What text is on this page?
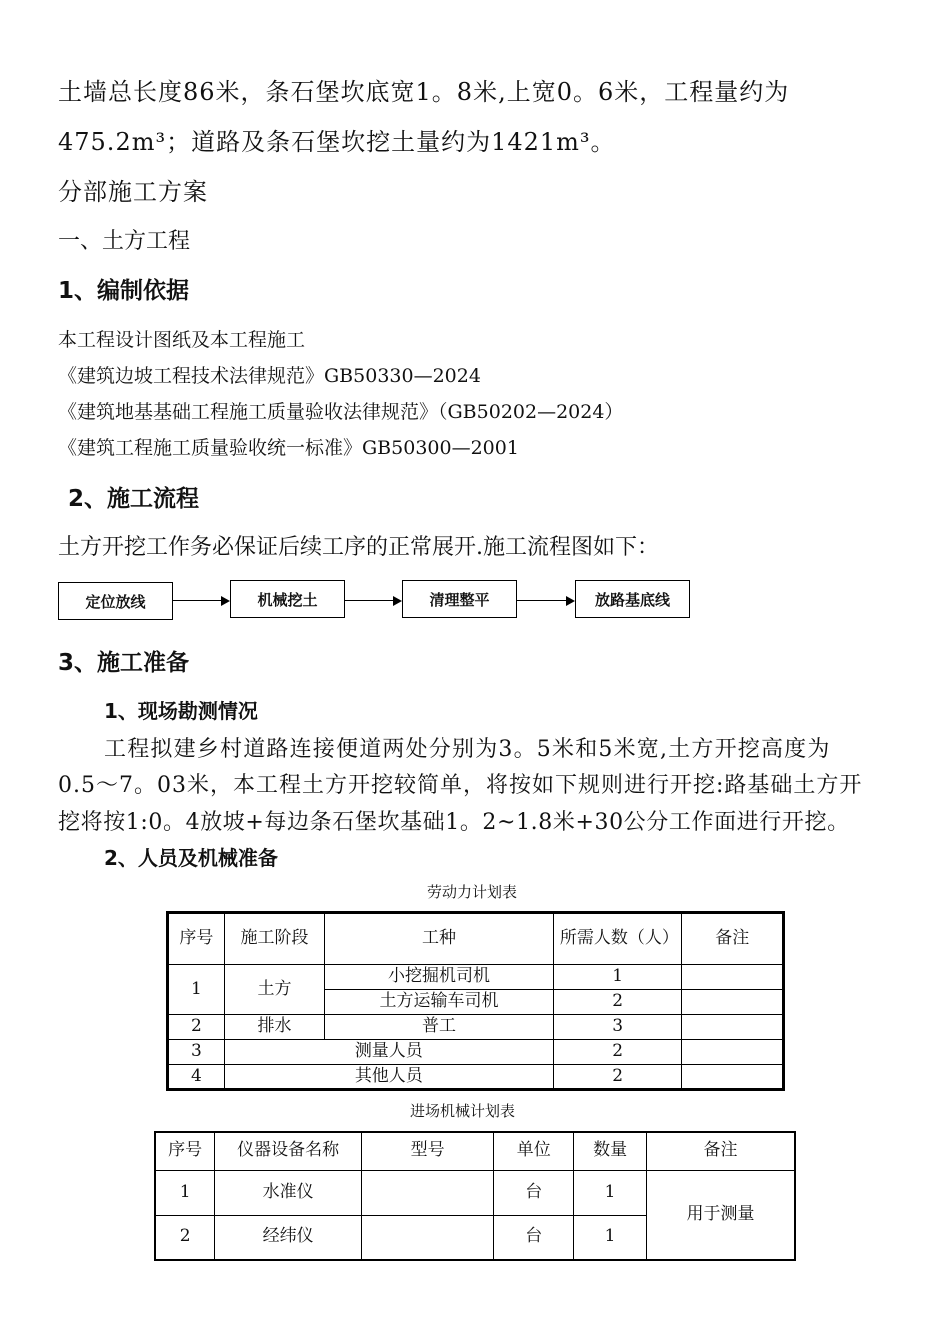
土墙总长度86米，条石堡坎底宽1。8米,上宽0。6米，工程量约为
475.2m³；道路及条石堡坎挖土量约为1421m³。
分部施工方案
一、土方工程
1、编制依据
本工程设计图纸及本工程施工
《建筑边坡工程技术法律规范》GB50330—2024
《建筑地基基础工程施工质量验收法律规范》（GB50202—2024）
《建筑工程施工质量验收统一标准》GB50300—2001
2、施工流程
土方开挖工作务必保证后续工序的正常展开.施工流程图如下：
定位放线	机械挖土	清理整平	放路基底线
3、施工准备
1、现场勘测情况
工程拟建乡村道路连接便道两处分别为3。5米和5米宽,土方开挖高度为
0.5～7。03米，本工程土方开挖较简单，将按如下规则进行开挖:路基础土方开
挖将按1:0。4放坡+每边条石堡坎基础1。2~1.8米+30公分工作面进行开挖。
2、人员及机械准备
劳动力计划表
序号	施工阶段	工种	所需人数（人）	备注
1	土方	小挖掘机司机	1	
		土方运输车司机	2	
2	排水	普工	3	
3	测量人员		2	
4	其他人员		2	
进场机械计划表
序号	仪器设备名称	型号	单位	数量	备注
1	水准仪		台	1	用于测量
2	经纬仪		台	1	
